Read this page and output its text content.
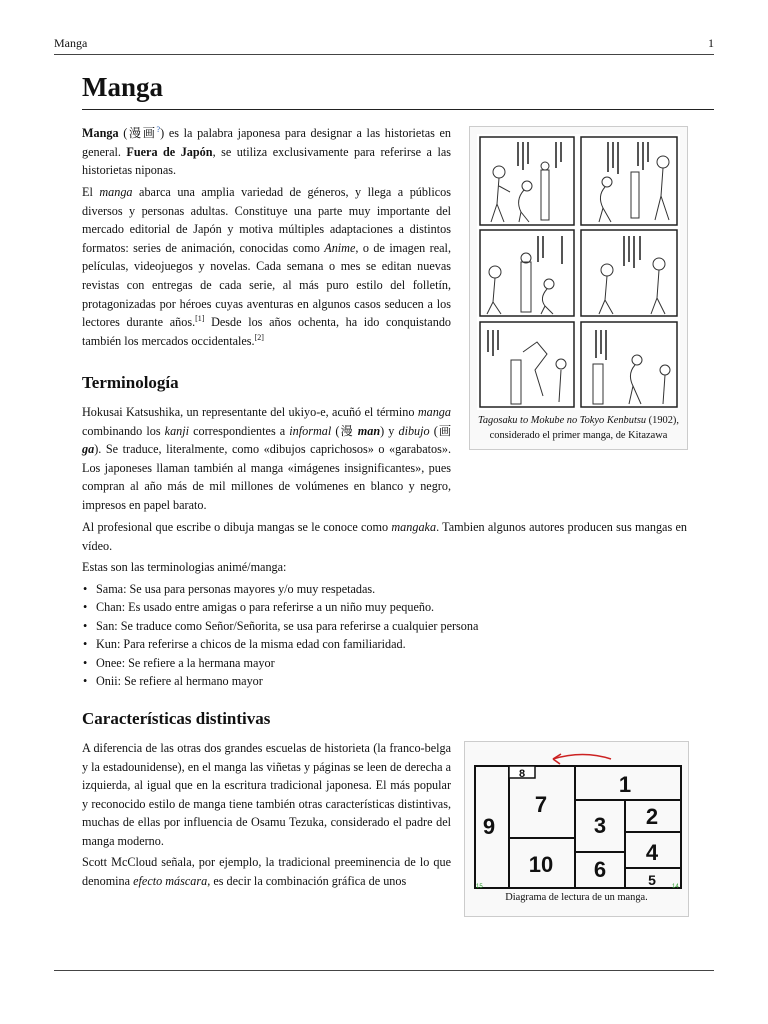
Manga	1
Manga

Manga (漫画?) es la palabra japonesa para designar a las historietas en general. Fuera de Japón, se utiliza exclusivamente para referirse a las historietas niponas.

El manga abarca una amplia variedad de géneros, y llega a públicos diversos y personas adultas. Constituye una parte muy importante del mercado editorial de Japón y motiva múltiples adaptaciones a distintos formatos: series de animación, conocidas como Anime, o de imagen real, películas, videojuegos y novelas. Cada semana o mes se editan nuevas revistas con entregas de cada serie, al más puro estilo del folletín, protagonizadas por héroes cuyas aventuras en algunos casos seducen a los lectores durante años.[1] Desde los años ochenta, ha ido conquistando también los mercados occidentales.[2]

Tagosaku to Mokube no Tokyo Kenbutsu (1902), considerado el primer manga, de Kitazawa
Terminología

Hokusai Katsushika, un representante del ukiyo-e, acuñó el término manga combinando los kanji correspondientes a informal (漫 man) y dibujo (画 ga). Se traduce, literalmente, como «dibujos caprichosos» o «garabatos». Los japoneses llaman también al manga «imágenes insignificantes», pues compran al año más de mil millones de volúmenes en blanco y negro, impresos en papel barato.

Al profesional que escribe o dibuja mangas se le conoce como mangaka. Tambien algunos autores producen sus mangas en vídeo.

Estas son las terminologias animé/manga:

• Sama: Se usa para personas mayores y/o muy respetadas.
• Chan: Es usado entre amigas o para referirse a un niño muy pequeño.
• San: Se traduce como Señor/Señorita, se usa para referirse a cualquier persona
• Kun: Para referirse a chicos de la misma edad con familiaridad.
• Onee: Se refiere a la hermana mayor
• Onii: Se refiere al hermano mayor
Características distintivas

A diferencia de las otras dos grandes escuelas de historieta (la franco-belga y la estadounidense), en el manga las viñetas y páginas se leen de derecha a izquierda, al igual que en la escritura tradicional japonesa. El más popular y reconocido estilo de manga tiene también otras características distintivas, muchas de ellas por influencia de Osamu Tezuka, considerado el padre del manga moderno.

Scott McCloud señala, por ejemplo, la tradicional preeminencia de lo que denomina efecto máscara, es decir la combinación gráfica de unos

1
2
3
4
5
6
7
8
9
10
15	14
Diagrama de lectura de un manga.
